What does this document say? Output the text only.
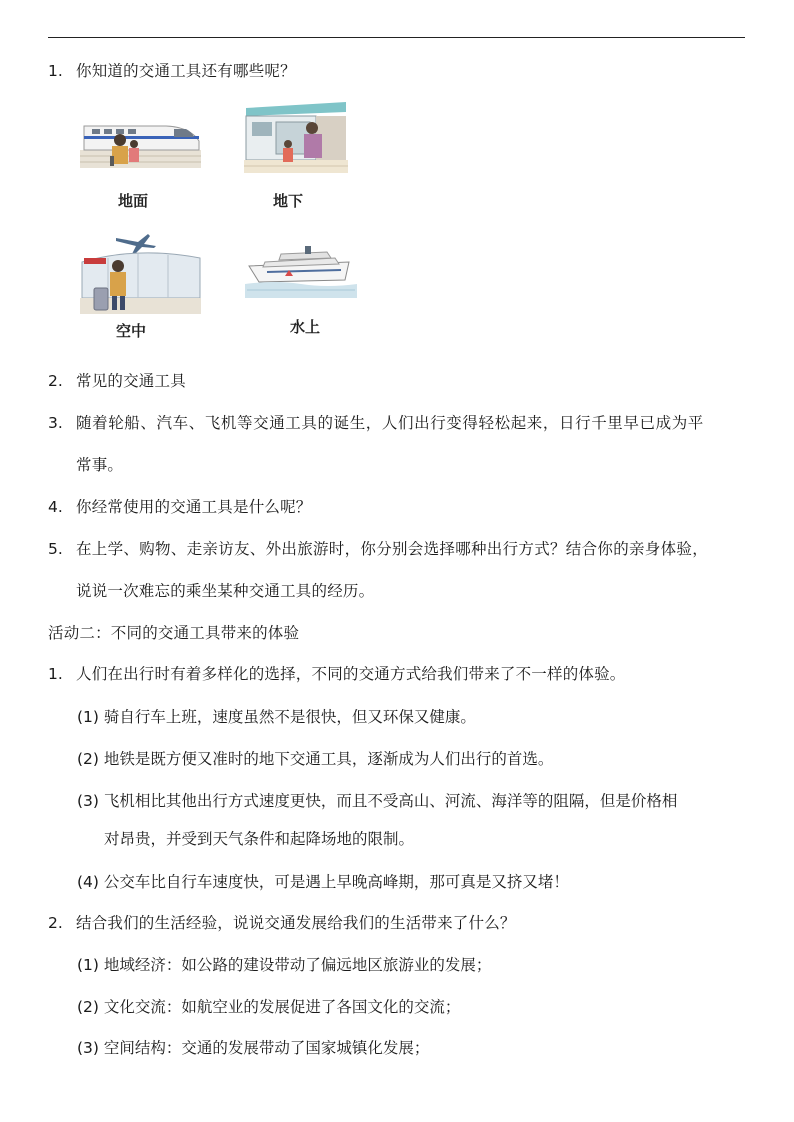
1. 你知道的交通工具还有哪些呢？
地面	地下
空中	水上
2. 常见的交通工具
3. 随着轮船、汽车、飞机等交通工具的诞生，人们出行变得轻松起来，日行千里早已成为平
常事。
4. 你经常使用的交通工具是什么呢？
5. 在上学、购物、走亲访友、外出旅游时，你分别会选择哪种出行方式？结合你的亲身体验，
说说一次难忘的乘坐某种交通工具的经历。
活动二：不同的交通工具带来的体验
1. 人们在出行时有着多样化的选择，不同的交通方式给我们带来了不一样的体验。
(1) 骑自行车上班，速度虽然不是很快，但又环保又健康。
(2) 地铁是既方便又准时的地下交通工具，逐渐成为人们出行的首选。
(3) 飞机相比其他出行方式速度更快，而且不受高山、河流、海洋等的阻隔，但是价格相
对昂贵，并受到天气条件和起降场地的限制。
(4) 公交车比自行车速度快，可是遇上早晚高峰期，那可真是又挤又堵！
2. 结合我们的生活经验，说说交通发展给我们的生活带来了什么？
(1) 地域经济：如公路的建设带动了偏远地区旅游业的发展；
(2) 文化交流：如航空业的发展促进了各国文化的交流；
(3) 空间结构：交通的发展带动了国家城镇化发展；
